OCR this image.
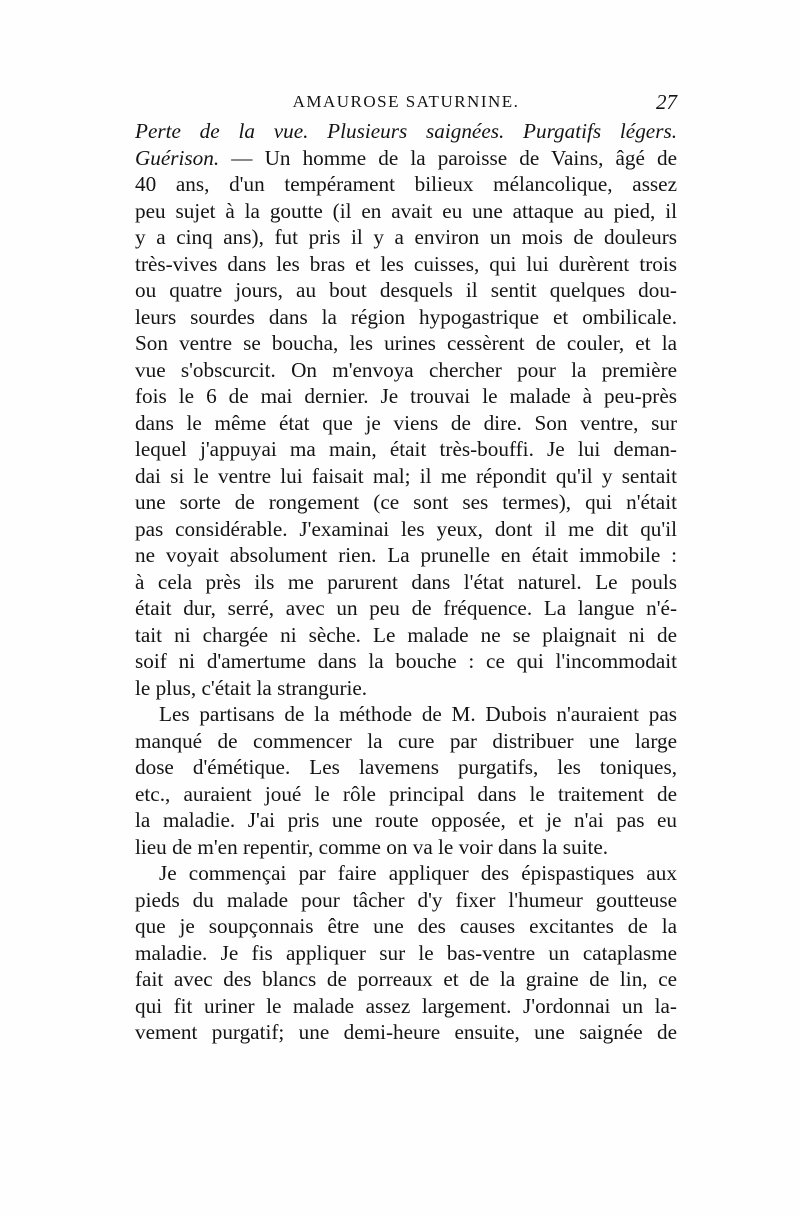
AMAUROSE SATURNINE.	27
Perte de la vue. Plusieurs saignées. Purgatifs légers.
Guérison. — Un homme de la paroisse de Vains, âgé de
40 ans, d'un tempérament bilieux mélancolique, assez
peu sujet à la goutte (il en avait eu une attaque au pied, il
y a cinq ans), fut pris il y a environ un mois de douleurs
très-vives dans les bras et les cuisses, qui lui durèrent trois
ou quatre jours, au bout desquels il sentit quelques dou-
leurs sourdes dans la région hypogastrique et ombilicale.
Son ventre se boucha, les urines cessèrent de couler, et la
vue s'obscurcit. On m'envoya chercher pour la première
fois le 6 de mai dernier. Je trouvai le malade à peu-près
dans le même état que je viens de dire. Son ventre, sur
lequel j'appuyai ma main, était très-bouffi. Je lui deman-
dai si le ventre lui faisait mal; il me répondit qu'il y sentait
une sorte de rongement (ce sont ses termes), qui n'était
pas considérable. J'examinai les yeux, dont il me dit qu'il
ne voyait absolument rien. La prunelle en était immobile :
à cela près ils me parurent dans l'état naturel. Le pouls
était dur, serré, avec un peu de fréquence. La langue n'é-
tait ni chargée ni sèche. Le malade ne se plaignait ni de
soif ni d'amertume dans la bouche : ce qui l'incommodait
le plus, c'était la strangurie.
Les partisans de la méthode de M. Dubois n'auraient pas
manqué de commencer la cure par distribuer une large
dose d'émétique. Les lavemens purgatifs, les toniques,
etc., auraient joué le rôle principal dans le traitement de
la maladie. J'ai pris une route opposée, et je n'ai pas eu
lieu de m'en repentir, comme on va le voir dans la suite.
Je commençai par faire appliquer des épispastiques aux
pieds du malade pour tâcher d'y fixer l'humeur goutteuse
que je soupçonnais être une des causes excitantes de la
maladie. Je fis appliquer sur le bas-ventre un cataplasme
fait avec des blancs de porreaux et de la graine de lin, ce
qui fit uriner le malade assez largement. J'ordonnai un la-
vement purgatif; une demi-heure ensuite, une saignée de
